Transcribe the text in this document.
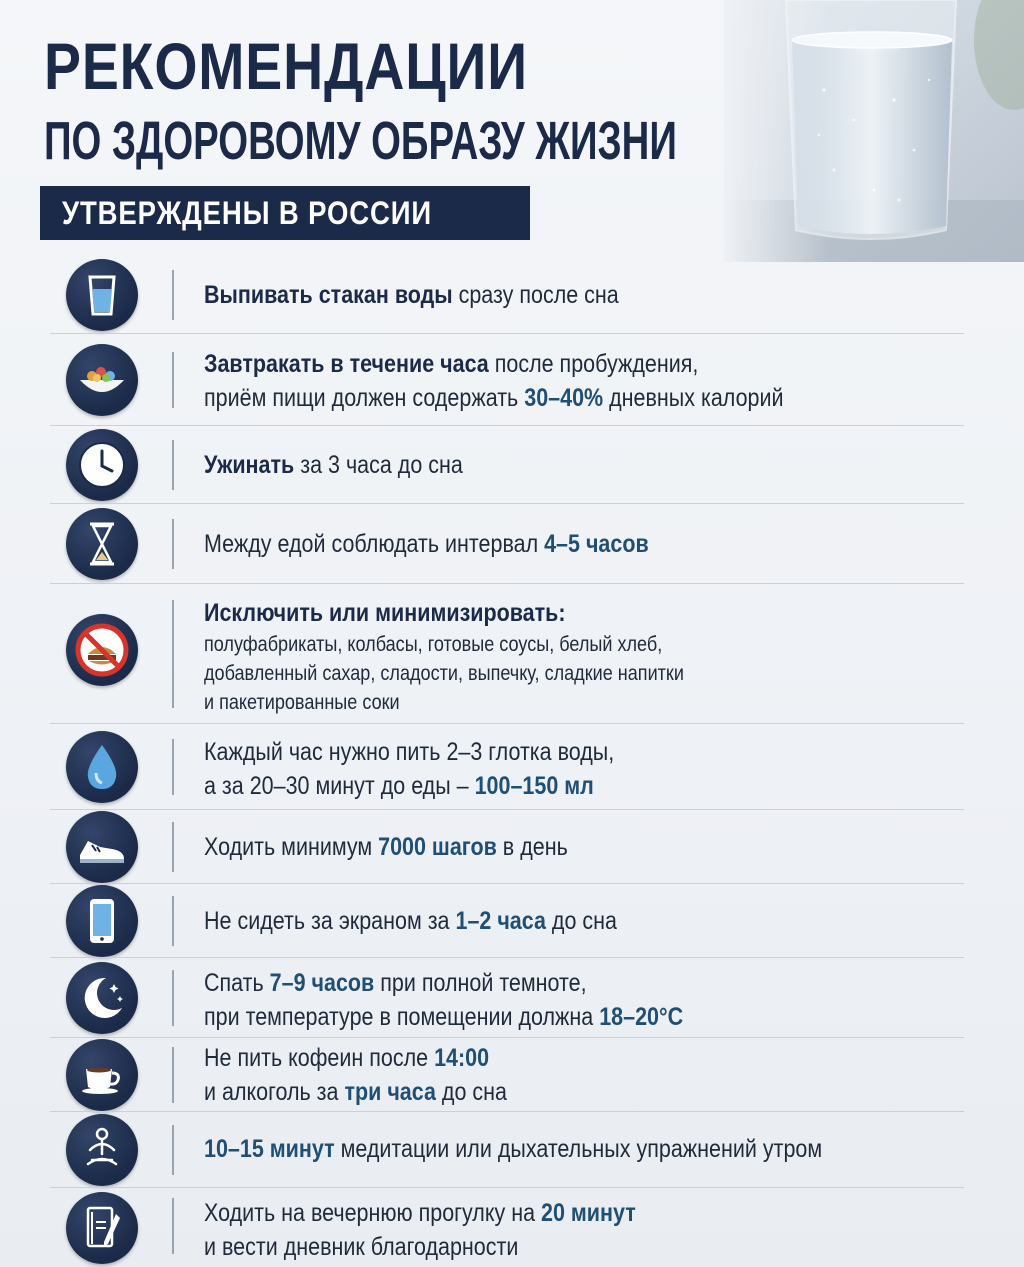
РЕКОМЕНДАЦИИ
ПО ЗДОРОВОМУ ОБРАЗУ ЖИЗНИ
УТВЕРЖДЕНЫ В РОССИИ
Выпивать стакан воды сразу после сна
Завтракать в течение часа после пробуждения,
приём пищи должен содержать 30–40% дневных калорий
Ужинать за 3 часа до сна
Между едой соблюдать интервал 4–5 часов
Исключить или минимизировать:
полуфабрикаты, колбасы, готовые соусы, белый хлеб,
добавленный сахар, сладости, выпечку, сладкие напитки
и пакетированные соки
Каждый час нужно пить 2–3 глотка воды,
а за 20–30 минут до еды – 100–150 мл
Ходить минимум 7000 шагов в день
Не сидеть за экраном за 1–2 часа до сна
Спать 7–9 часов при полной темноте,
при температуре в помещении должна 18–20°C
Не пить кофеин после 14:00
и алкоголь за три часа до сна
10–15 минут медитации или дыхательных упражнений утром
Ходить на вечернюю прогулку на 20 минут
и вести дневник благодарности
